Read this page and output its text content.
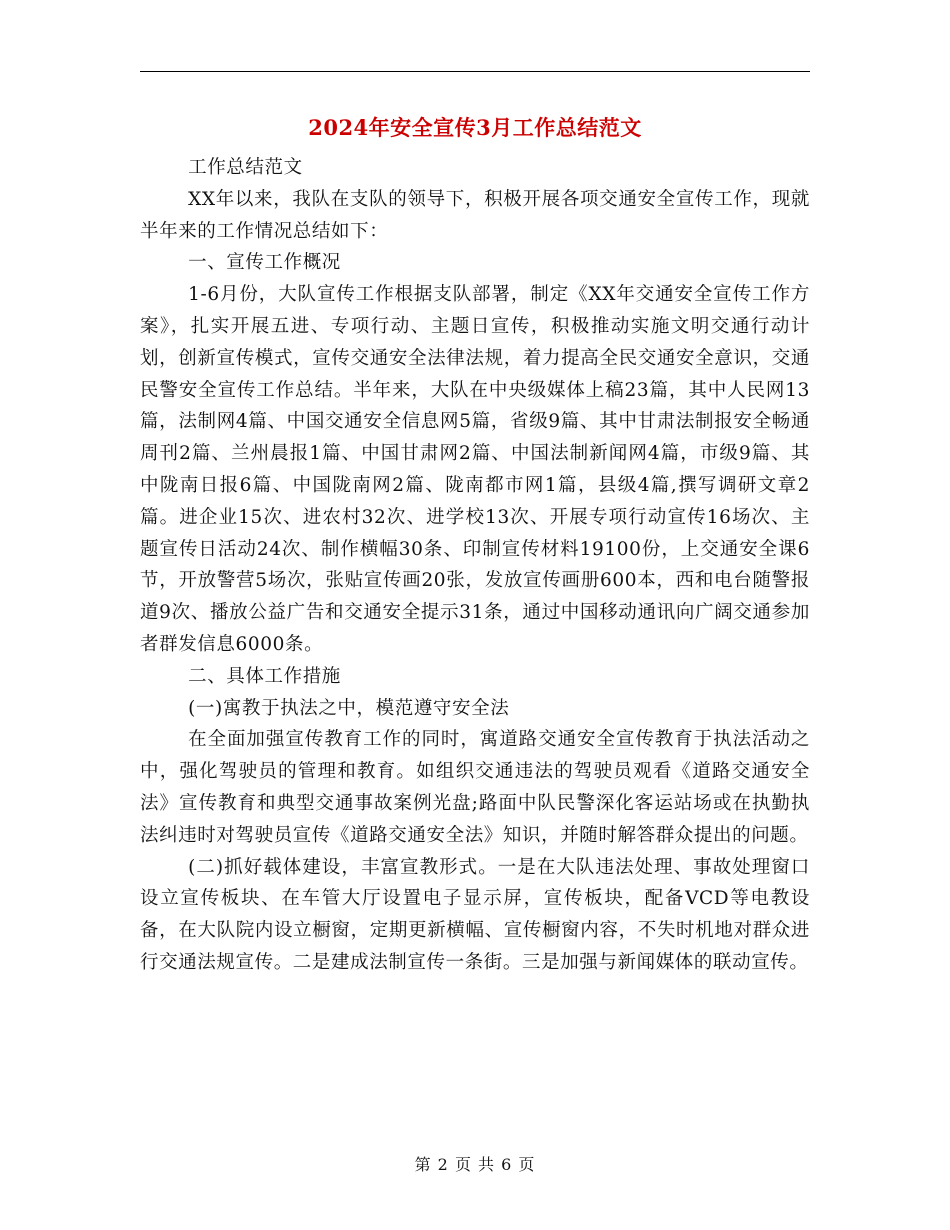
2024年安全宣传3月工作总结范文

工作总结范文

XX年以来，我队在支队的领导下，积极开展各项交通安全宣传工作，现就半年来的工作情况总结如下：

一、宣传工作概况

1-6月份，大队宣传工作根据支队部署，制定《XX年交通安全宣传工作方案》，扎实开展五进、专项行动、主题日宣传，积极推动实施文明交通行动计划，创新宣传模式，宣传交通安全法律法规，着力提高全民交通安全意识，交通民警安全宣传工作总结。半年来，大队在中央级媒体上稿23篇，其中人民网13篇，法制网4篇、中国交通安全信息网5篇，省级9篇、其中甘肃法制报安全畅通周刊2篇、兰州晨报1篇、中国甘肃网2篇、中国法制新闻网4篇，市级9篇、其中陇南日报6篇、中国陇南网2篇、陇南都市网1篇，县级4篇,撰写调研文章2篇。进企业15次、进农村32次、进学校13次、开展专项行动宣传16场次、主题宣传日活动24次、制作横幅30条、印制宣传材料19100份，上交通安全课6节，开放警营5场次，张贴宣传画20张，发放宣传画册600本，西和电台随警报道9次、播放公益广告和交通安全提示31条，通过中国移动通讯向广阔交通参加者群发信息6000条。

二、具体工作措施

(一)寓教于执法之中，模范遵守安全法

在全面加强宣传教育工作的同时，寓道路交通安全宣传教育于执法活动之中，强化驾驶员的管理和教育。如组织交通违法的驾驶员观看《道路交通安全法》宣传教育和典型交通事故案例光盘;路面中队民警深化客运站场或在执勤执法纠违时对驾驶员宣传《道路交通安全法》知识，并随时解答群众提出的问题。

(二)抓好载体建设，丰富宣教形式。一是在大队违法处理、事故处理窗口设立宣传板块、在车管大厅设置电子显示屏，宣传板块，配备VCD等电教设备，在大队院内设立橱窗，定期更新横幅、宣传橱窗内容，不失时机地对群众进行交通法规宣传。二是建成法制宣传一条街。三是加强与新闻媒体的联动宣传。

第 2 页 共 6 页
